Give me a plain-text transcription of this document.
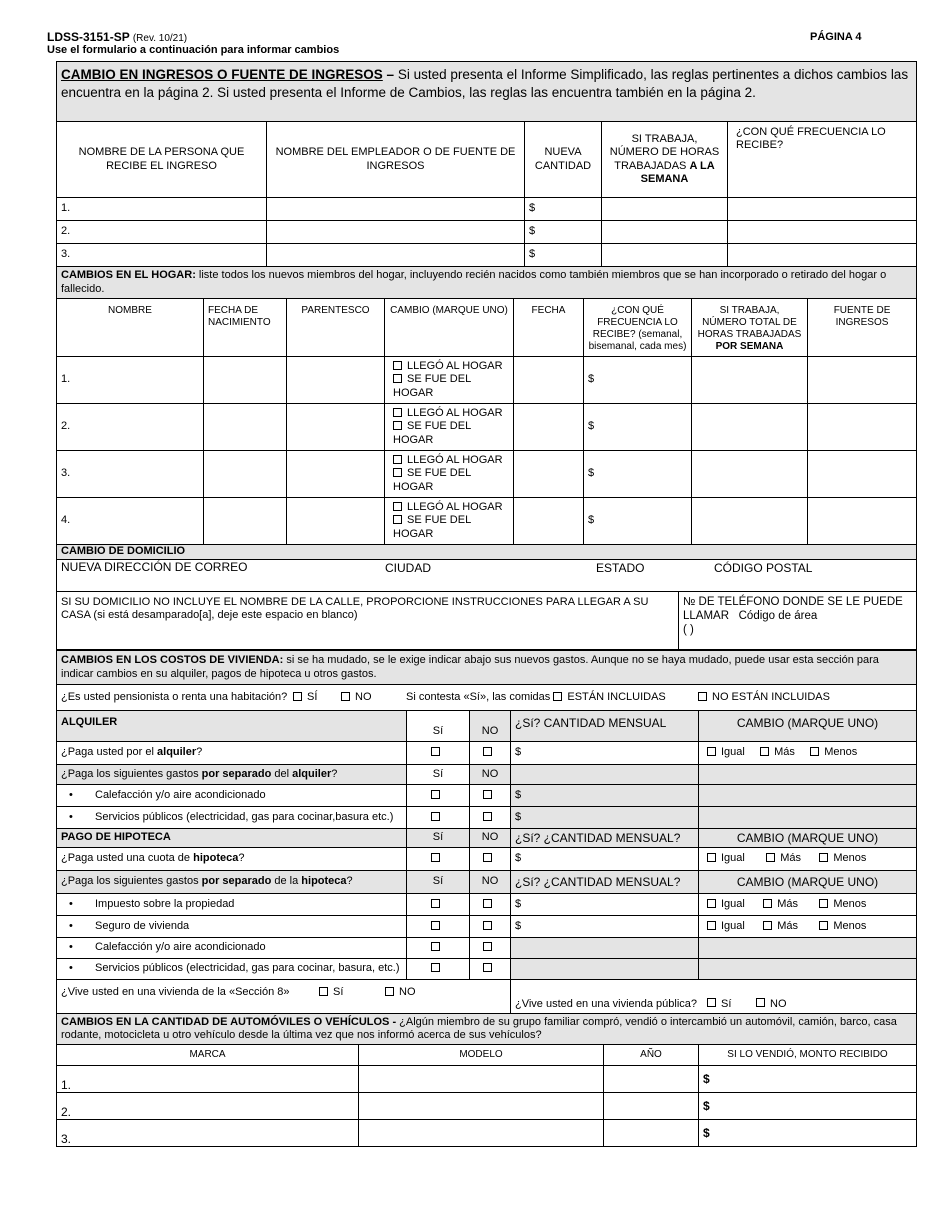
LDSS-3151-SP (Rev. 10/21)
Use el formulario a continuación para informar cambios
PÁGINA 4
CAMBIO EN INGRESOS O FUENTE DE INGRESOS – Si usted presenta el Informe Simplificado, las reglas pertinentes a dichos cambios las encuentra en la página 2. Si usted presenta el Informe de Cambios, las reglas las encuentra también en la página 2.				
NOMBRE DE LA PERSONA QUE RECIBE EL INGRESO	NOMBRE DEL EMPLEADOR O DE FUENTE DE INGRESOS	NUEVA CANTIDAD	SI TRABAJA, NÚMERO DE HORAS TRABAJADAS A LA SEMANA	¿CON QUÉ FRECUENCIA LO RECIBE?
1.		$		
2.		$		
3.		$		
CAMBIOS EN EL HOGAR: liste todos los nuevos miembros del hogar, incluyendo recién nacidos como también miembros que se han incorporado o retirado del hogar o fallecido.							
NOMBRE	FECHA DE NACIMIENTO	PARENTESCO	CAMBIO (MARQUE UNO)	FECHA	¿CON QUÉ FRECUENCIA LO RECIBE? (semanal, bisemanal, cada mes)	SI TRABAJA, NÚMERO TOTAL DE HORAS TRABAJADAS POR SEMANA	FUENTE DE INGRESOS
1.			LLEGÓ AL HOGAR
SE FUE DEL
HOGAR		$		
2.			LLEGÓ AL HOGAR
SE FUE DEL
HOGAR		$		
3.			LLEGÓ AL HOGAR
SE FUE DEL
HOGAR		$		
4.			LLEGÓ AL HOGAR
SE FUE DEL
HOGAR		$		
CAMBIO DE DOMICILIO
NUEVA DIRECCIÓN DE CORREO	CIUDAD	ESTADO	CÓDIGO POSTAL

SI SU DOMICILIO NO INCLUYE EL NOMBRE DE LA CALLE, PROPORCIONE INSTRUCCIONES PARA LLEGAR A SU CASA (si está desamparado[a], deje este espacio en blanco)	№ DE TELÉFONO DONDE SE LE PUEDE LLAMAR Código de área
( )
CAMBIOS EN LOS COSTOS DE VIVIENDA: si se ha mudado, se le exige indicar abajo sus nuevos gastos. Aunque no se haya mudado, puede usar esta sección para indicar cambios en su alquiler, pagos de hipoteca u otros gastos.				
¿Es usted pensionista o renta una habitación? SÍ NO Si contesta «Sí», las comidas ESTÁN INCLUIDAS NO ESTÁN INCLUIDAS				

ALQUILER	Sí	NO	¿Sí? CANTIDAD MENSUAL	CAMBIO (MARQUE UNO)
¿Paga usted por el alquiler?			$	Igual Más Menos
¿Paga los siguientes gastos por separado del alquiler?	Sí	NO		
• Calefacción y/o aire acondicionado			$	
• Servicios públicos (electricidad, gas para cocinar,basura etc.)			$	
PAGO DE HIPOTECA	Sí	NO	¿Sí? ¿CANTIDAD MENSUAL?	CAMBIO (MARQUE UNO)
¿Paga usted una cuota de hipoteca?			$	Igual Más Menos
¿Paga los siguientes gastos por separado de la hipoteca?	Sí	NO	¿Sí? ¿CANTIDAD MENSUAL?	CAMBIO (MARQUE UNO)
• Impuesto sobre la propiedad			$	Igual Más Menos
• Seguro de vivienda			$	Igual Más Menos
• Calefacción y/o aire acondicionado				
• Servicios públicos (electricidad, gas para cocinar, basura, etc.)				
¿Vive usted en una vivienda de la «Sección 8» Sí NO			¿Vive usted en una vivienda pública? Sí NO	
CAMBIOS EN LA CANTIDAD DE AUTOMÓVILES O VEHÍCULOS - ¿Algún miembro de su grupo familiar compró, vendió o intercambió un automóvil, camión, barco, casa rodante, motocicleta u otro vehículo desde la última vez que nos informó acerca de sus vehículos?			
MARCA	MODELO	AÑO	SI LO VENDIÓ, MONTO RECIBIDO
1.			$
2.			$
3.			$
